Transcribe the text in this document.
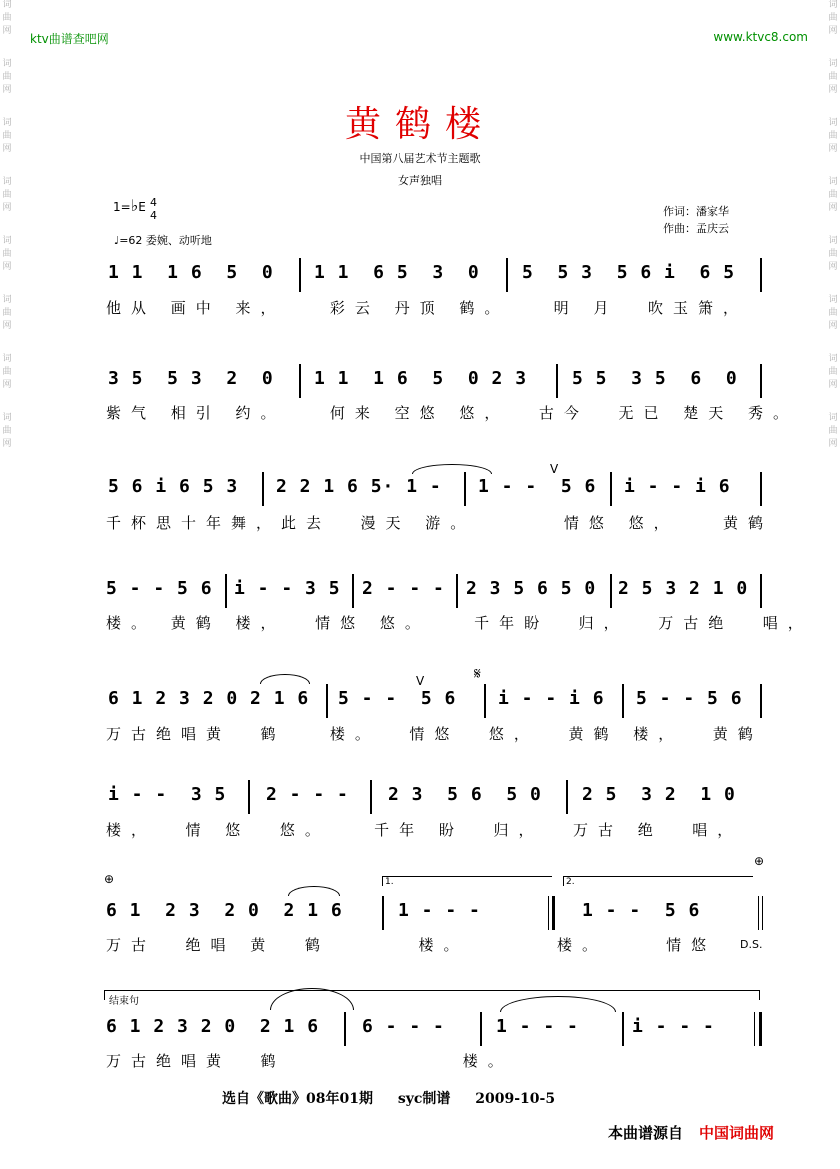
词
曲
网
词
曲
网
词
曲
网
词
曲
网
词
曲
网
词
曲
网
词
曲
网
词
曲
网
词
曲
网
词
曲
网
词
曲
网
词
曲
网
词
曲
网
词
曲
网
词
曲
网
词
曲
网
ktv曲谱查吧网	www.ktvc8.com
黄鹤楼
中国第八届艺术节主题歌
女声独唱
1=♭E 4
4
♩=62 委婉、动听地
作词：潘家华
作曲：孟庆云
1 1  1 6  5  0 1 1  6 5  3  0 5  5 3  5 6 i  6 5
他从 画中 来，   彩云 丹顶 鹤。   明 月  吹玉箫，
3 5  5 3  2  0 1 1  1 6  5  0 2 3 5 5  3 5  6  0
紫气 相引 约。   何来 空悠 悠，  古今  无已 楚天 秀。
5 6 i 6 5 3 2 2 1 6 5· 1 - 1 - -  5 6
V
i - - i 6
千杯思十年舞，此去  漫天 游。      情悠 悠，   黄鹤
5 - - 5 6 i - - 3 5 2 - - - 2 3 5 6 5 0 2 5 3 2 1 0
楼。 黄鹤 楼，  情悠 悠。   千年盼  归，  万古绝  唱，
6 1 2 3 2 0 2 1 6 5 - -  5 6
V	𝄋
i - - i 6 5 - - 5 6
万古绝唱黄  鹤   楼。  情悠  悠，  黄鹤 楼，  黄鹤
i - -  3 5 2 - - - 2 3  5 6  5 0 2 5  3 2  1 0
楼，  情 悠  悠。   千年 盼  归，  万古 绝  唱，
⊕
⊕
1.	2.
6 1  2 3  2 0  2 1 6	1 - - -	1 - -  5 6
万古  绝唱 黄  鹤      楼。      楼。    情悠	D.S.
结束句
6 1 2 3 2 0  2 1 6 6 - - -	1 - - -	i - - -
万古绝唱黄  鹤            楼。
选自《歌曲》08年01期 syc制谱 2009-10-5
本曲谱源自 中国词曲网
